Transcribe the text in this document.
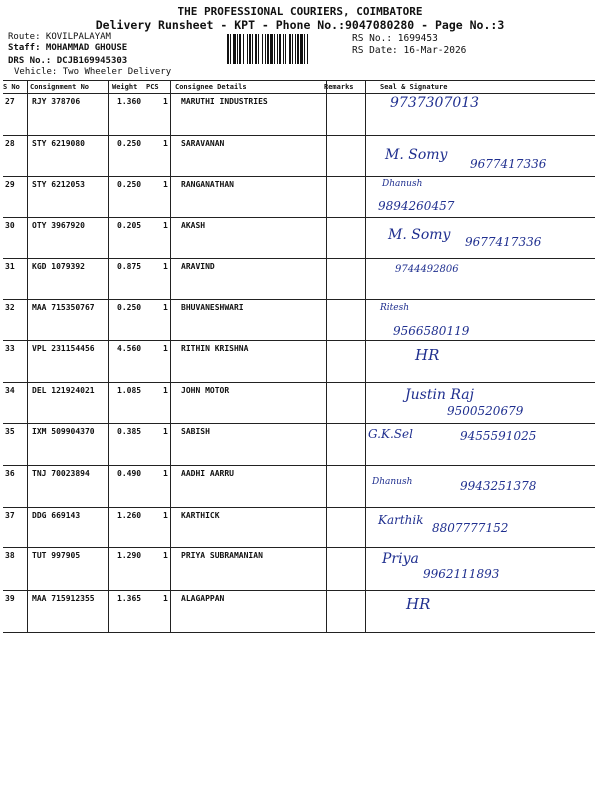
THE PROFESSIONAL COURIERS, COIMBATORE
Delivery Runsheet - KPT - Phone No.:9047080280 - Page No.:3
Route: KOVILPALAYAM
Staff: MOHAMMAD GHOUSE
DRS No.: DCJB169945303
Vehicle: Two Wheeler Delivery
RS No.: 1699453
RS Date: 16-Mar-2026
S No Consignment No	Weight PCS Consignee Details	Remarks	Seal & Signature
27 RJY 378706	1.360	1 MARUTHI INDUSTRIES	9737307013
28 STY 6219080	0.250	1 SARAVANAN
M. Somy
9677417336
29 STY 6212053	0.250	1 RANGANATHAN	Dhanush
9894260457
30 OTY 3967920	0.205	1 AKASH
M. Somy 9677417336
31 KGD 1079392	0.875	1 ARAVIND	9744492806
32 MAA 715350767	0.250	1 BHUVANESHWARI	Ritesh
9566580119
33 VPL 231154456	4.560	1 RITHIN KRISHNA	HR
34 DEL 121924021	1.085	1 JOHN MOTOR	Justin Raj
9500520679
35 IXM 509904370	0.385	1 SABISH	G.K.Sel	9455591025
36 TNJ 70023894	0.490	1 AADHI AARRU
Dhanush	9943251378
37 DDG 669143	1.260	1 KARTHICK	Karthik
8807777152
38 TUT 997905	1.290	1 PRIYA SUBRAMANIAN	Priya
9962111893
39 MAA 715912355	1.365	1 ALAGAPPAN	HR
